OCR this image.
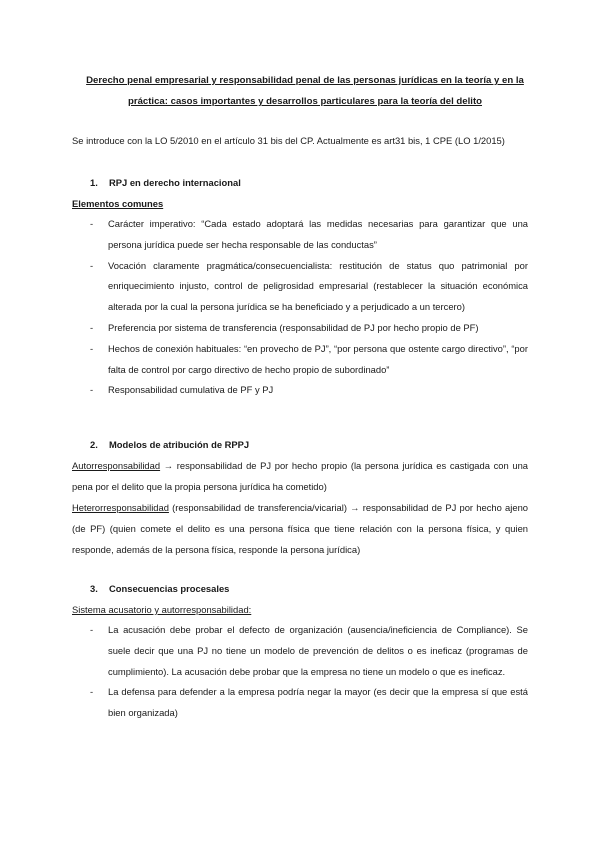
Derecho penal empresarial y responsabilidad penal de las personas jurídicas en la teoría y en la
práctica: casos importantes y desarrollos particulares para la teoría del delito
Se introduce con la LO 5/2010 en el artículo 31 bis del CP. Actualmente es art31 bis, 1 CPE (LO 1/2015)
1. RPJ en derecho internacional
Elementos comunes
- Carácter imperativo: “Cada estado adoptará las medidas necesarias para garantizar que una persona jurídica puede ser hecha responsable de las conductas”
- Vocación claramente pragmática/consecuencialista: restitución de status quo patrimonial por enriquecimiento injusto, control de peligrosidad empresarial (restablecer la situación económica alterada por la cual la persona jurídica se ha beneficiado y a perjudicado a un tercero)
- Preferencia por sistema de transferencia (responsabilidad de PJ por hecho propio de PF)
- Hechos de conexión habituales: “en provecho de PJ”, “por persona que ostente cargo directivo”, “por falta de control por cargo directivo de hecho propio de subordinado”
- Responsabilidad cumulativa de PF y PJ
2. Modelos de atribución de RPPJ
Autorresponsabilidad → responsabilidad de PJ por hecho propio (la persona jurídica es castigada con una pena por el delito que la propia persona jurídica ha cometido)
Heterorresponsabilidad (responsabilidad de transferencia/vicarial) → responsabilidad de PJ por hecho ajeno (de PF) (quien comete el delito es una persona física que tiene relación con la persona física, y quien responde, además de la persona física, responde la persona jurídica)
3. Consecuencias procesales
Sistema acusatorio y autorresponsabilidad:
- La acusación debe probar el defecto de organización (ausencia/ineficiencia de Compliance). Se suele decir que una PJ no tiene un modelo de prevención de delitos o es ineficaz (programas de cumplimiento). La acusación debe probar que la empresa no tiene un modelo o que es ineficaz.
- La defensa para defender a la empresa podría negar la mayor (es decir que la empresa sí que está bien organizada)
